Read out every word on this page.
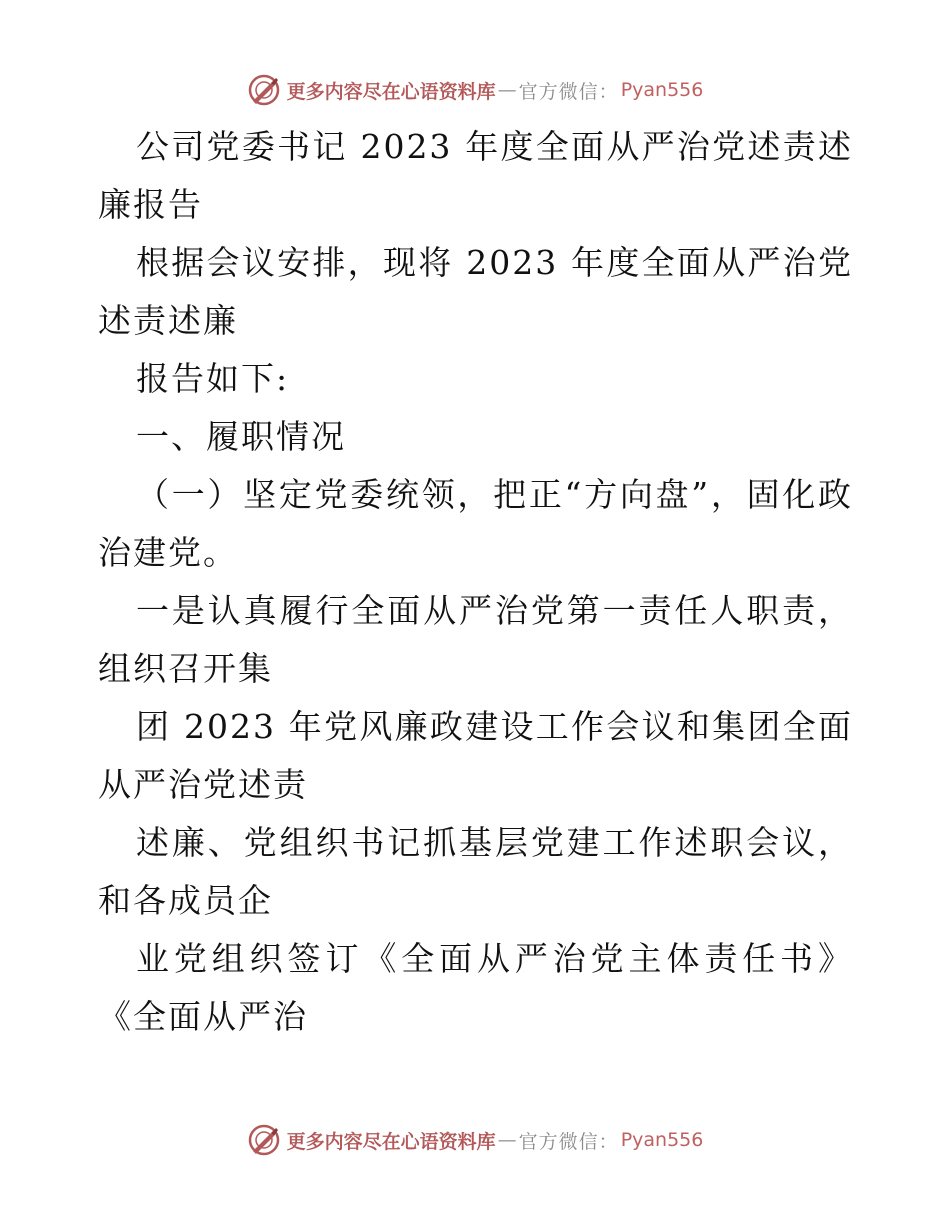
更多内容尽在心语资料库 — 官方微信： Pyan556

公司党委书记 2023 年度全面从严治党述责述廉报告

根据会议安排，现将 2023 年度全面从严治党述责述廉

报告如下:

一、履职情况

（一）坚定党委统领，把正“方向盘”，固化政治建党。

一是认真履行全面从严治党第一责任人职责，组织召开集

团 2023 年党风廉政建设工作会议和集团全面从严治党述责

述廉、党组织书记抓基层党建工作述职会议，和各成员企

业党组织签订《全面从严治党主体责任书》《全面从严治

更多内容尽在心语资料库 — 官方微信： Pyan556
